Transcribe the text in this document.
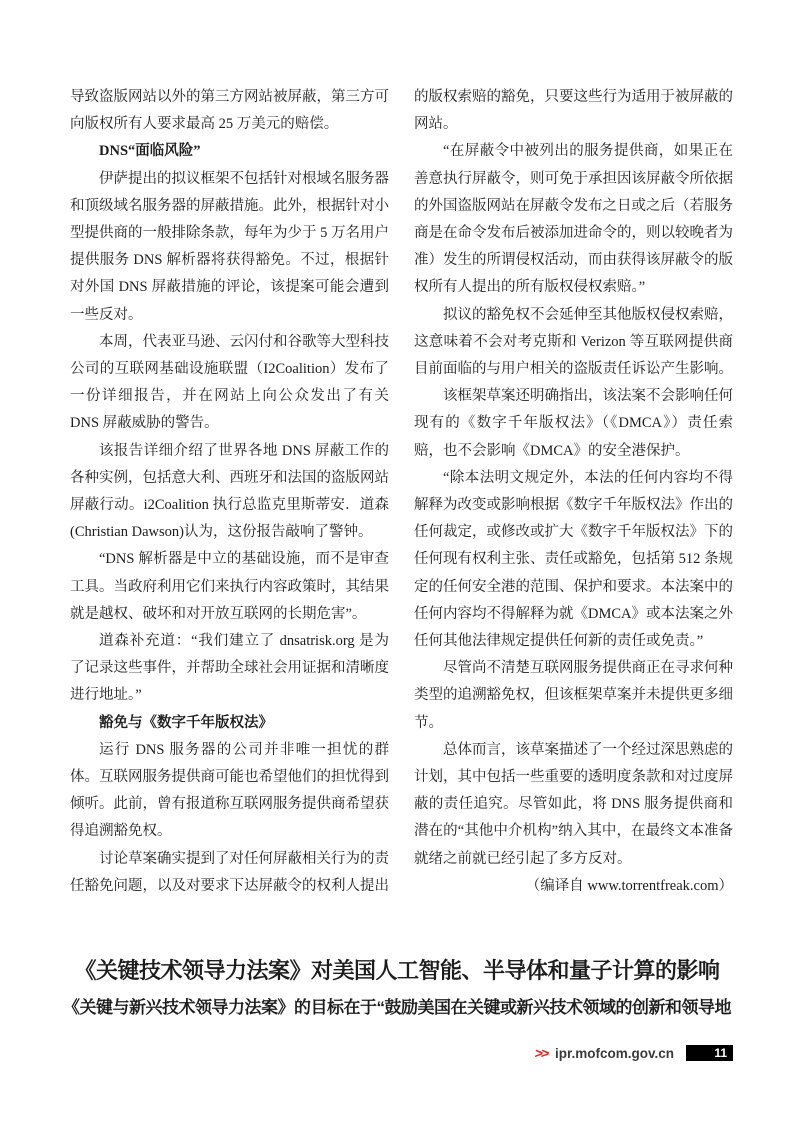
导致盗版网站以外的第三方网站被屏蔽，第三方可向版权所有人要求最高 25 万美元的赔偿。

DNS“面临风险”

伊萨提出的拟议框架不包括针对根域名服务器和顶级域名服务器的屏蔽措施。此外，根据针对小型提供商的一般排除条款，每年为少于 5 万名用户提供服务 DNS 解析器将获得豁免。不过，根据针对外国 DNS 屏蔽措施的评论，该提案可能会遭到一些反对。

本周，代表亚马逊、云闪付和谷歌等大型科技公司的互联网基础设施联盟（I2Coalition）发布了一份详细报告，并在网站上向公众发出了有关 DNS 屏蔽威胁的警告。

该报告详细介绍了世界各地 DNS 屏蔽工作的各种实例，包括意大利、西班牙和法国的盗版网站屏蔽行动。i2Coalition 执行总监克里斯蒂安．道森(Christian Dawson)认为，这份报告敲响了警钟。

“DNS 解析器是中立的基础设施，而不是审查工具。当政府利用它们来执行内容政策时，其结果就是越权、破坏和对开放互联网的长期危害”。

道森补充道：“我们建立了 dnsatrisk.org 是为了记录这些事件，并帮助全球社会用证据和清晰度进行地址。”

豁免与《数字千年版权法》

运行 DNS 服务器的公司并非唯一担忧的群体。互联网服务提供商可能也希望他们的担忧得到倾听。此前，曾有报道称互联网服务提供商希望获得追溯豁免权。

讨论草案确实提到了对任何屏蔽相关行为的责任豁免问题，以及对要求下达屏蔽令的权利人提出

的版权索赔的豁免，只要这些行为适用于被屏蔽的网站。

“在屏蔽令中被列出的服务提供商，如果正在善意执行屏蔽令，则可免于承担因该屏蔽令所依据的外国盗版网站在屏蔽令发布之日或之后（若服务商是在命令发布后被添加进命令的，则以较晚者为准）发生的所谓侵权活动，而由获得该屏蔽令的版权所有人提出的所有版权侵权索赔。”

拟议的豁免权不会延伸至其他版权侵权索赔，这意味着不会对考克斯和 Verizon 等互联网提供商目前面临的与用户相关的盗版责任诉讼产生影响。

该框架草案还明确指出，该法案不会影响任何现有的《数字千年版权法》（《DMCA》）责任索赔，也不会影响《DMCA》的安全港保护。

“除本法明文规定外，本法的任何内容均不得解释为改变或影响根据《数字千年版权法》作出的任何裁定，或修改或扩大《数字千年版权法》下的任何现有权利主张、责任或豁免，包括第 512 条规定的任何安全港的范围、保护和要求。本法案中的任何内容均不得解释为就《DMCA》或本法案之外任何其他法律规定提供任何新的责任或免责。”

尽管尚不清楚互联网服务提供商正在寻求何种类型的追溯豁免权，但该框架草案并未提供更多细节。

总体而言，该草案描述了一个经过深思熟虑的计划，其中包括一些重要的透明度条款和对过度屏蔽的责任追究。尽管如此，将 DNS 服务提供商和潜在的“其他中介机构”纳入其中，在最终文本准备就绪之前就已经引起了多方反对。

（编译自 www.torrentfreak.com）

《关键技术领导力法案》对美国人工智能、半导体和量子计算的影响
《关键与新兴技术领导力法案》的目标在于“鼓励美国在关键或新兴技术领域的创新和领导地
>> ipr.mofcom.gov.cn	11
